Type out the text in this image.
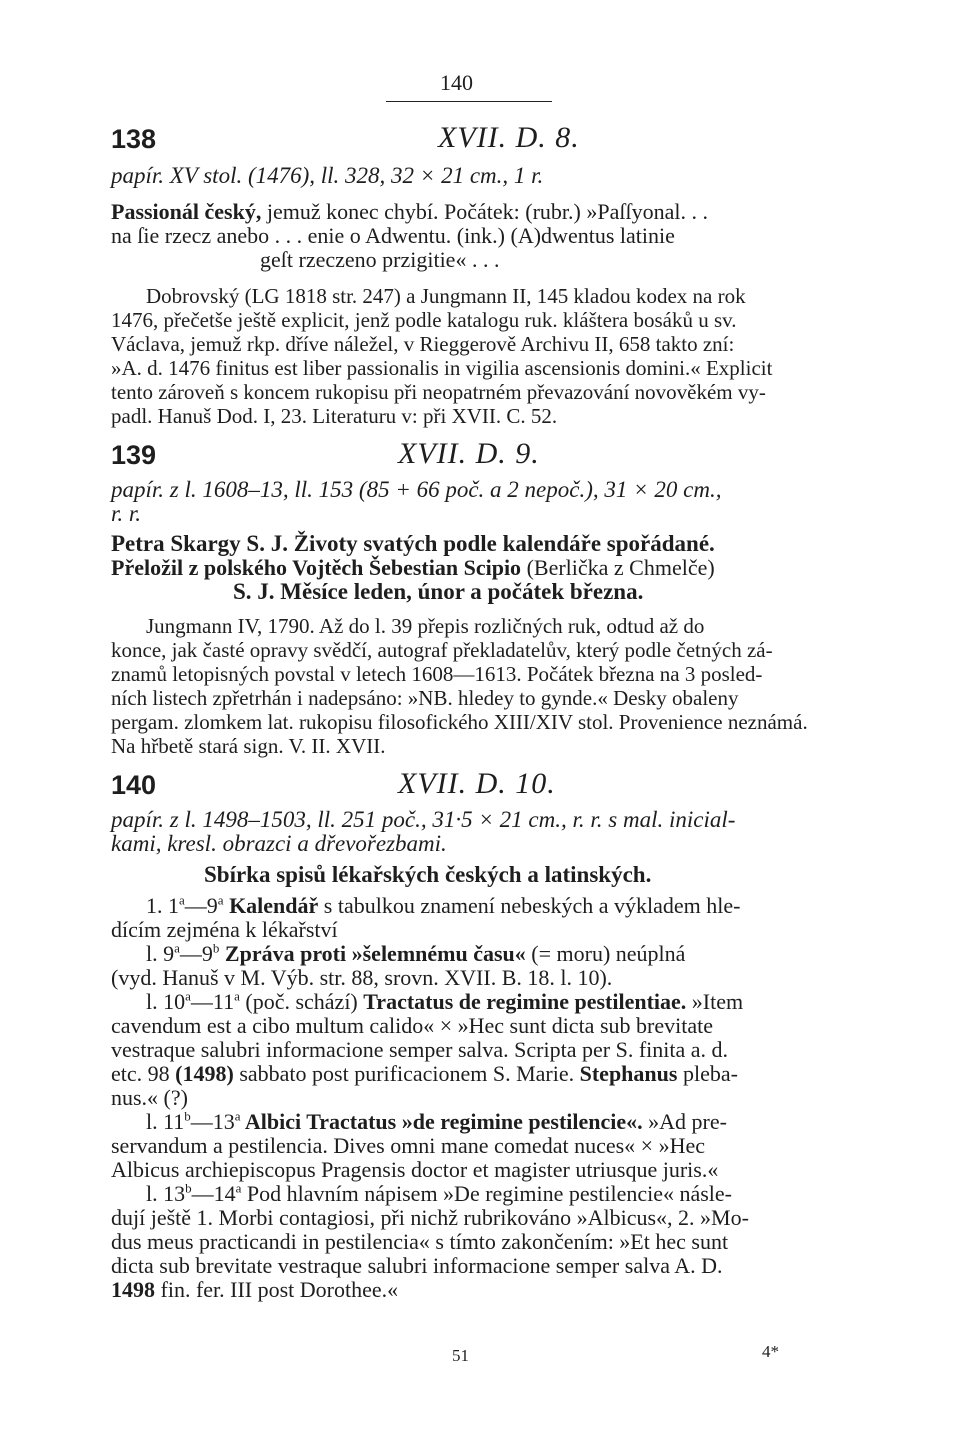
140
138	XVII. D. 8.
papír. XV stol. (1476), ll. 328, 32 × 21 cm., 1 r.
Passionál český, jemuž konec chybí. Počátek: (rubr.) »Paſſyonal. . .
na ſie rzecz anebo . . . enie o Adwentu. (ink.) (A)dwentus latinie
geſt rzeczeno przigitie« . . .
Dobrovský (LG 1818 str. 247) a Jungmann II, 145 kladou kodex na rok
1476, přečetše ještě explicit, jenž podle katalogu ruk. kláštera bosáků u sv.
Václava, jemuž rkp. dříve náležel, v Rieggerově Archivu II, 658 takto zní:
»A. d. 1476 finitus est liber passionalis in vigilia ascensionis domini.« Explicit
tento zároveň s koncem rukopisu při neopatrném převazování novověkém vy-
padl. Hanuš Dod. I, 23. Literaturu v: při XVII. C. 52.
139	XVII. D. 9.
papír. z l. 1608–13, ll. 153 (85 + 66 poč. a 2 nepoč.), 31 × 20 cm.,
r. r.
Petra Skargy S. J. Životy svatých podle kalendáře spořádané.
Přeložil z polského Vojtěch Šebestian Scipio (Berlička z Chmelče)
S. J. Měsíce leden, únor a počátek března.
Jungmann IV, 1790. Až do l. 39 přepis rozličných ruk, odtud až do
konce, jak časté opravy svědčí, autograf překladatelův, který podle četných zá-
znamů letopisných povstal v letech 1608—1613. Počátek března na 3 posled-
ních listech zpřetrhán i nadepsáno: »NB. hledey to gynde.« Desky obaleny
pergam. zlomkem lat. rukopisu filosofického XIII/XIV stol. Provenience neznámá.
Na hřbetě stará sign. V. II. XVII.
140	XVII. D. 10.
papír. z l. 1498–1503, ll. 251 poč., 31·5 × 21 cm., r. r. s mal. inicial-
kami, kresl. obrazci a dřevořezbami.
Sbírka spisů lékařských českých a latinských.
1. 1$^a$—9$^a$ Kalendář s tabulkou znamení nebeských a výkladem hle-
dícím zejména k lékařství
l. 9$^a$—9$^b$ Zpráva proti »šelemnému času« (= moru) neúplná
(vyd. Hanuš v M. Výb. str. 88, srovn. XVII. B. 18. l. 10).
l. 10$^a$—11$^a$ (poč. schází) Tractatus de regimine pestilentiae. »Item
cavendum est a cibo multum calido« × »Hec sunt dicta sub brevitate
vestraque salubri informacione semper salva. Scripta per S. finita a. d.
etc. 98 (1498) sabbato post purificacionem S. Marie. Stephanus pleba-
nus.« (?)
l. 11$^b$—13$^a$ Albici Tractatus »de regimine pestilencie«. »Ad pre-
servandum a pestilencia. Dives omni mane comedat nuces« × »Hec
Albicus archiepiscopus Pragensis doctor et magister utriusque juris.«
l. 13$^b$—14$^a$ Pod hlavním nápisem »De regimine pestilencie« násle-
dují ještě 1. Morbi contagiosi, při nichž rubrikováno »Albicus«, 2. »Mo-
dus meus practicandi in pestilencia« s tímto zakončením: »Et hec sunt
dicta sub brevitate vestraque salubri informacione semper salva A. D.
1498 fin. fer. III post Dorothee.«
51	4*
